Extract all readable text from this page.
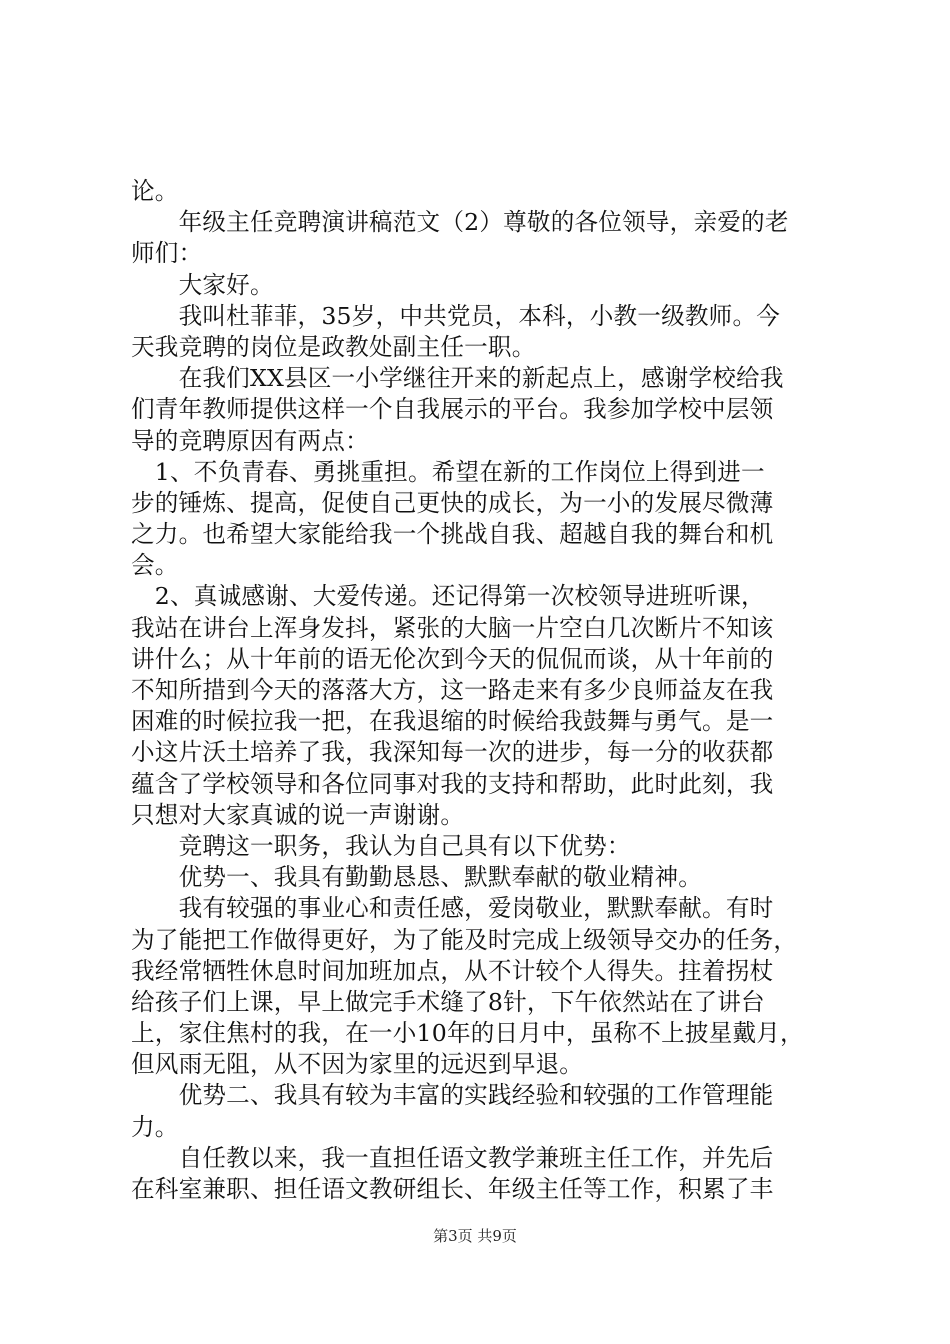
论。
　　年级主任竞聘演讲稿范文（2）尊敬的各位领导，亲爱的老
师们：
　　大家好。
　　我叫杜菲菲，35岁，中共党员，本科，小教一级教师。今
天我竞聘的岗位是政教处副主任一职。
　　在我们XX县区一小学继往开来的新起点上，感谢学校给我
们青年教师提供这样一个自我展示的平台。我参加学校中层领
导的竞聘原因有两点：
　1、不负青春、勇挑重担。希望在新的工作岗位上得到进一
步的锤炼、提高，促使自己更快的成长，为一小的发展尽微薄
之力。也希望大家能给我一个挑战自我、超越自我的舞台和机
会。
　2、真诚感谢、大爱传递。还记得第一次校领导进班听课，
我站在讲台上浑身发抖，紧张的大脑一片空白几次断片不知该
讲什么；从十年前的语无伦次到今天的侃侃而谈，从十年前的
不知所措到今天的落落大方，这一路走来有多少良师益友在我
困难的时候拉我一把，在我退缩的时候给我鼓舞与勇气。是一
小这片沃土培养了我，我深知每一次的进步，每一分的收获都
蕴含了学校领导和各位同事对我的支持和帮助，此时此刻，我
只想对大家真诚的说一声谢谢。
　　竞聘这一职务，我认为自己具有以下优势：
　　优势一、我具有勤勤恳恳、默默奉献的敬业精神。
　　我有较强的事业心和责任感，爱岗敬业，默默奉献。有时
为了能把工作做得更好，为了能及时完成上级领导交办的任务，
我经常牺牲休息时间加班加点，从不计较个人得失。拄着拐杖
给孩子们上课，早上做完手术缝了8针，下午依然站在了讲台
上，家住焦村的我，在一小10年的日月中，虽称不上披星戴月，
但风雨无阻，从不因为家里的远迟到早退。
　　优势二、我具有较为丰富的实践经验和较强的工作管理能
力。
　　自任教以来，我一直担任语文教学兼班主任工作，并先后
在科室兼职、担任语文教研组长、年级主任等工作，积累了丰
第3页 共9页
